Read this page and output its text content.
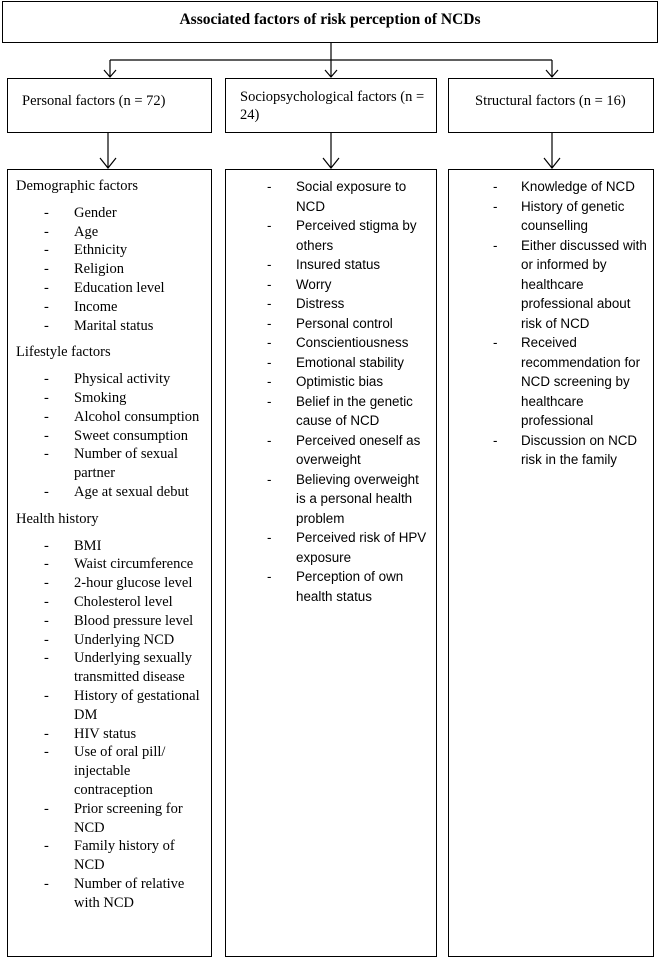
Associated factors of risk perception of NCDs
Personal factors (n = 72)	Sociopsychological factors (n = 24)
Structural factors (n = 16)
Demographic factors
- Gender
- Age
- Ethnicity
- Religion
- Education level
- Income
- Marital status
Lifestyle factors
- Physical activity
- Smoking
- Alcohol consumption
- Sweet consumption
- Number of sexual partner
- Age at sexual debut
Health history
- BMI
- Waist circumference
- 2-hour glucose level
- Cholesterol level
- Blood pressure level
- Underlying NCD
- Underlying sexually transmitted disease
- History of gestational DM
- HIV status
- Use of oral pill/ injectable contraception
- Prior screening for NCD
- Family history of NCD
- Number of relative with NCD
- Social exposure to NCD
- Perceived stigma by others
- Insured status
- Worry
- Distress
- Personal control
- Conscientiousness
- Emotional stability
- Optimistic bias
- Belief in the genetic cause of NCD
- Perceived oneself as overweight
- Believing overweight is a personal health problem
- Perceived risk of HPV exposure
- Perception of own health status
- Knowledge of NCD
- History of genetic counselling
- Either discussed with or informed by healthcare professional about risk of NCD
- Received recommendation for NCD screening by healthcare professional
- Discussion on NCD risk in the family
